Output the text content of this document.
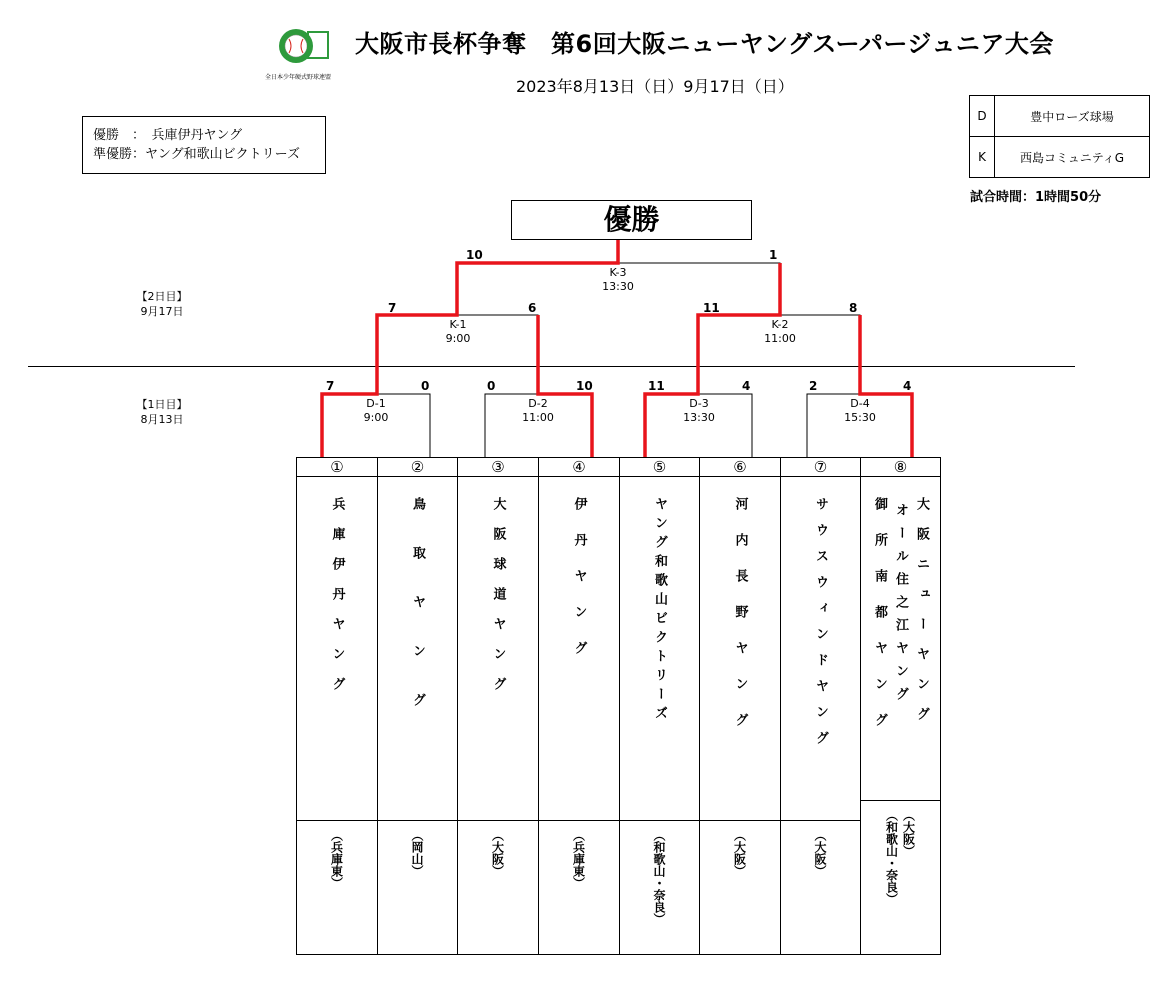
全日本少年硬式野球連盟
大阪市長杯争奪　第6回大阪ニューヤングスーパージュニア大会
2023年8月13日（日）9月17日（日）
優勝　：　兵庫伊丹ヤング
準優勝：ヤング和歌山ビクトリーズ
D	豊中ローズ球場
K	西島コミュニティG
試合時間：1時間50分
優勝
【2日目】
9月17日
【1日目】
8月13日
10	1
7	6	11	8
7	0	0	10	11	4	2	4
K-3
13:30
K-1
9:00
K-2
11:00
D-1
9:00
D-2
11:00
D-3
13:30
D-4
15:30
①
兵庫伊丹ヤング
（兵庫東）
②
鳥取ヤング
（岡山）
③
大阪球道ヤング
（大阪）
④
伊丹ヤング
（兵庫東）
⑤
ヤング和歌山ビクトリーズ
（和歌山・奈良）
⑥
河内長野ヤング
（大阪）
⑦
サウスウィンドヤング
（大阪）
⑧
大阪ニューヤング
オール住之江ヤング
御所南都ヤング
（大阪）
（和歌山・奈良）
